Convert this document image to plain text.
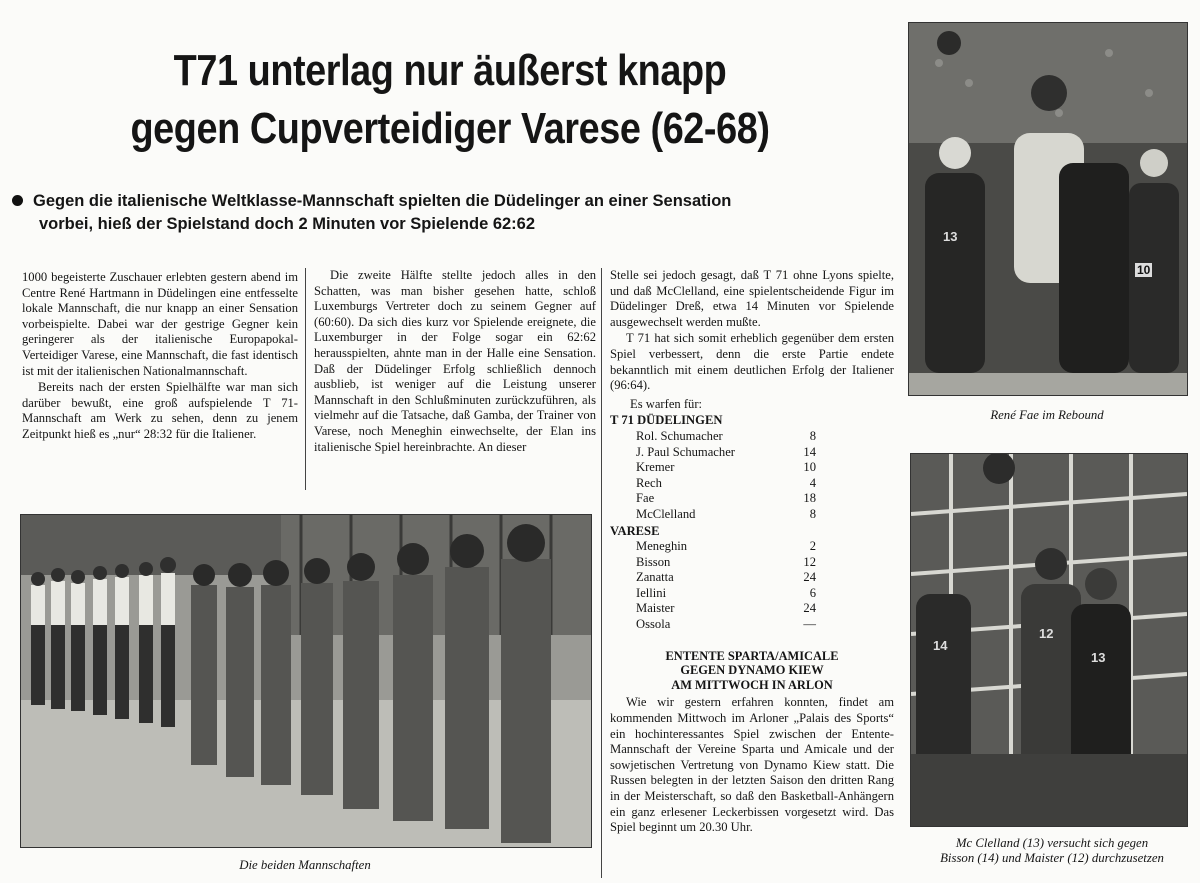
T71 unterlag nur äußerst knapp
gegen Cupverteidiger Varese (62-68)
Gegen die italienische Weltklasse-Mannschaft spielten die Düdelinger an einer Sensation
vorbei, hieß der Spielstand doch 2 Minuten vor Spielende 62:62

1000 begeisterte Zuschauer erlebten gestern abend im Centre René Hartmann in Düdelingen eine entfesselte lokale Mannschaft, die nur knapp an einer Sensation vorbeispielte. Dabei war der gestrige Gegner kein geringerer als der italienische Europapokal-Verteidiger Varese, eine Mannschaft, die fast identisch ist mit der italienischen Nationalmannschaft.

Bereits nach der ersten Spielhälfte war man sich darüber bewußt, eine groß aufspielende T 71-Mannschaft am Werk zu sehen, denn zu jenem Zeitpunkt hieß es „nur“ 28:32 für die Italiener.

Die zweite Hälfte stellte jedoch alles in den Schatten, was man bisher gesehen hatte, schloß Luxemburgs Vertreter doch zu seinem Gegner auf (60:60). Da sich dies kurz vor Spielende ereignete, die Luxemburger in der Folge sogar ein 62:62 herausspielten, ahnte man in der Halle eine Sensation. Daß der Düdelinger Erfolg schließlich dennoch ausblieb, ist weniger auf die Leistung unserer Mannschaft in den Schlußminuten zurückzuführen, als vielmehr auf die Tatsache, daß Gamba, der Trainer von Varese, noch Meneghin einwechselte, der Elan ins italienische Spiel hereinbrachte. An dieser

Stelle sei jedoch gesagt, daß T 71 ohne Lyons spielte, und daß McClelland, eine spielentscheidende Figur im Düdelinger Dreß, etwa 14 Minuten vor Spielende ausgewechselt werden mußte.

T 71 hat sich somit erheblich gegenüber dem ersten Spiel verbessert, denn die erste Partie endete bekanntlich mit einem deutlichen Erfolg der Italiener (96:64).

Es warfen für:
T 71 DÜDELINGEN
Rol. Schumacher	8
J. Paul Schumacher	14
Kremer	10
Rech	4
Fae	18
McClelland	8
VARESE
Meneghin	2
Bisson	12
Zanatta	24
Iellini	6
Maister	24
Ossola	—
ENTENTE SPARTA/AMICALE
GEGEN DYNAMO KIEW
AM MITTWOCH IN ARLON

Wie wir gestern erfahren konnten, findet am kommenden Mittwoch im Arloner „Palais des Sports“ ein hochinteressantes Spiel zwischen der Entente-Mannschaft der Vereine Sparta und Amicale und der sowjetischen Vertretung von Dynamo Kiew statt. Die Russen belegten in der letzten Saison den dritten Rang in der Meisterschaft, so daß den Basketball-Anhängern ein ganz erlesener Leckerbissen vorgesetzt wird. Das Spiel beginnt um 20.30 Uhr.

13
10
14
12
13

Die beiden Mannschaften

René Fae im Rebound

Mc Clelland (13) versucht sich gegen
Bisson (14) und Maister (12) durchzusetzen
